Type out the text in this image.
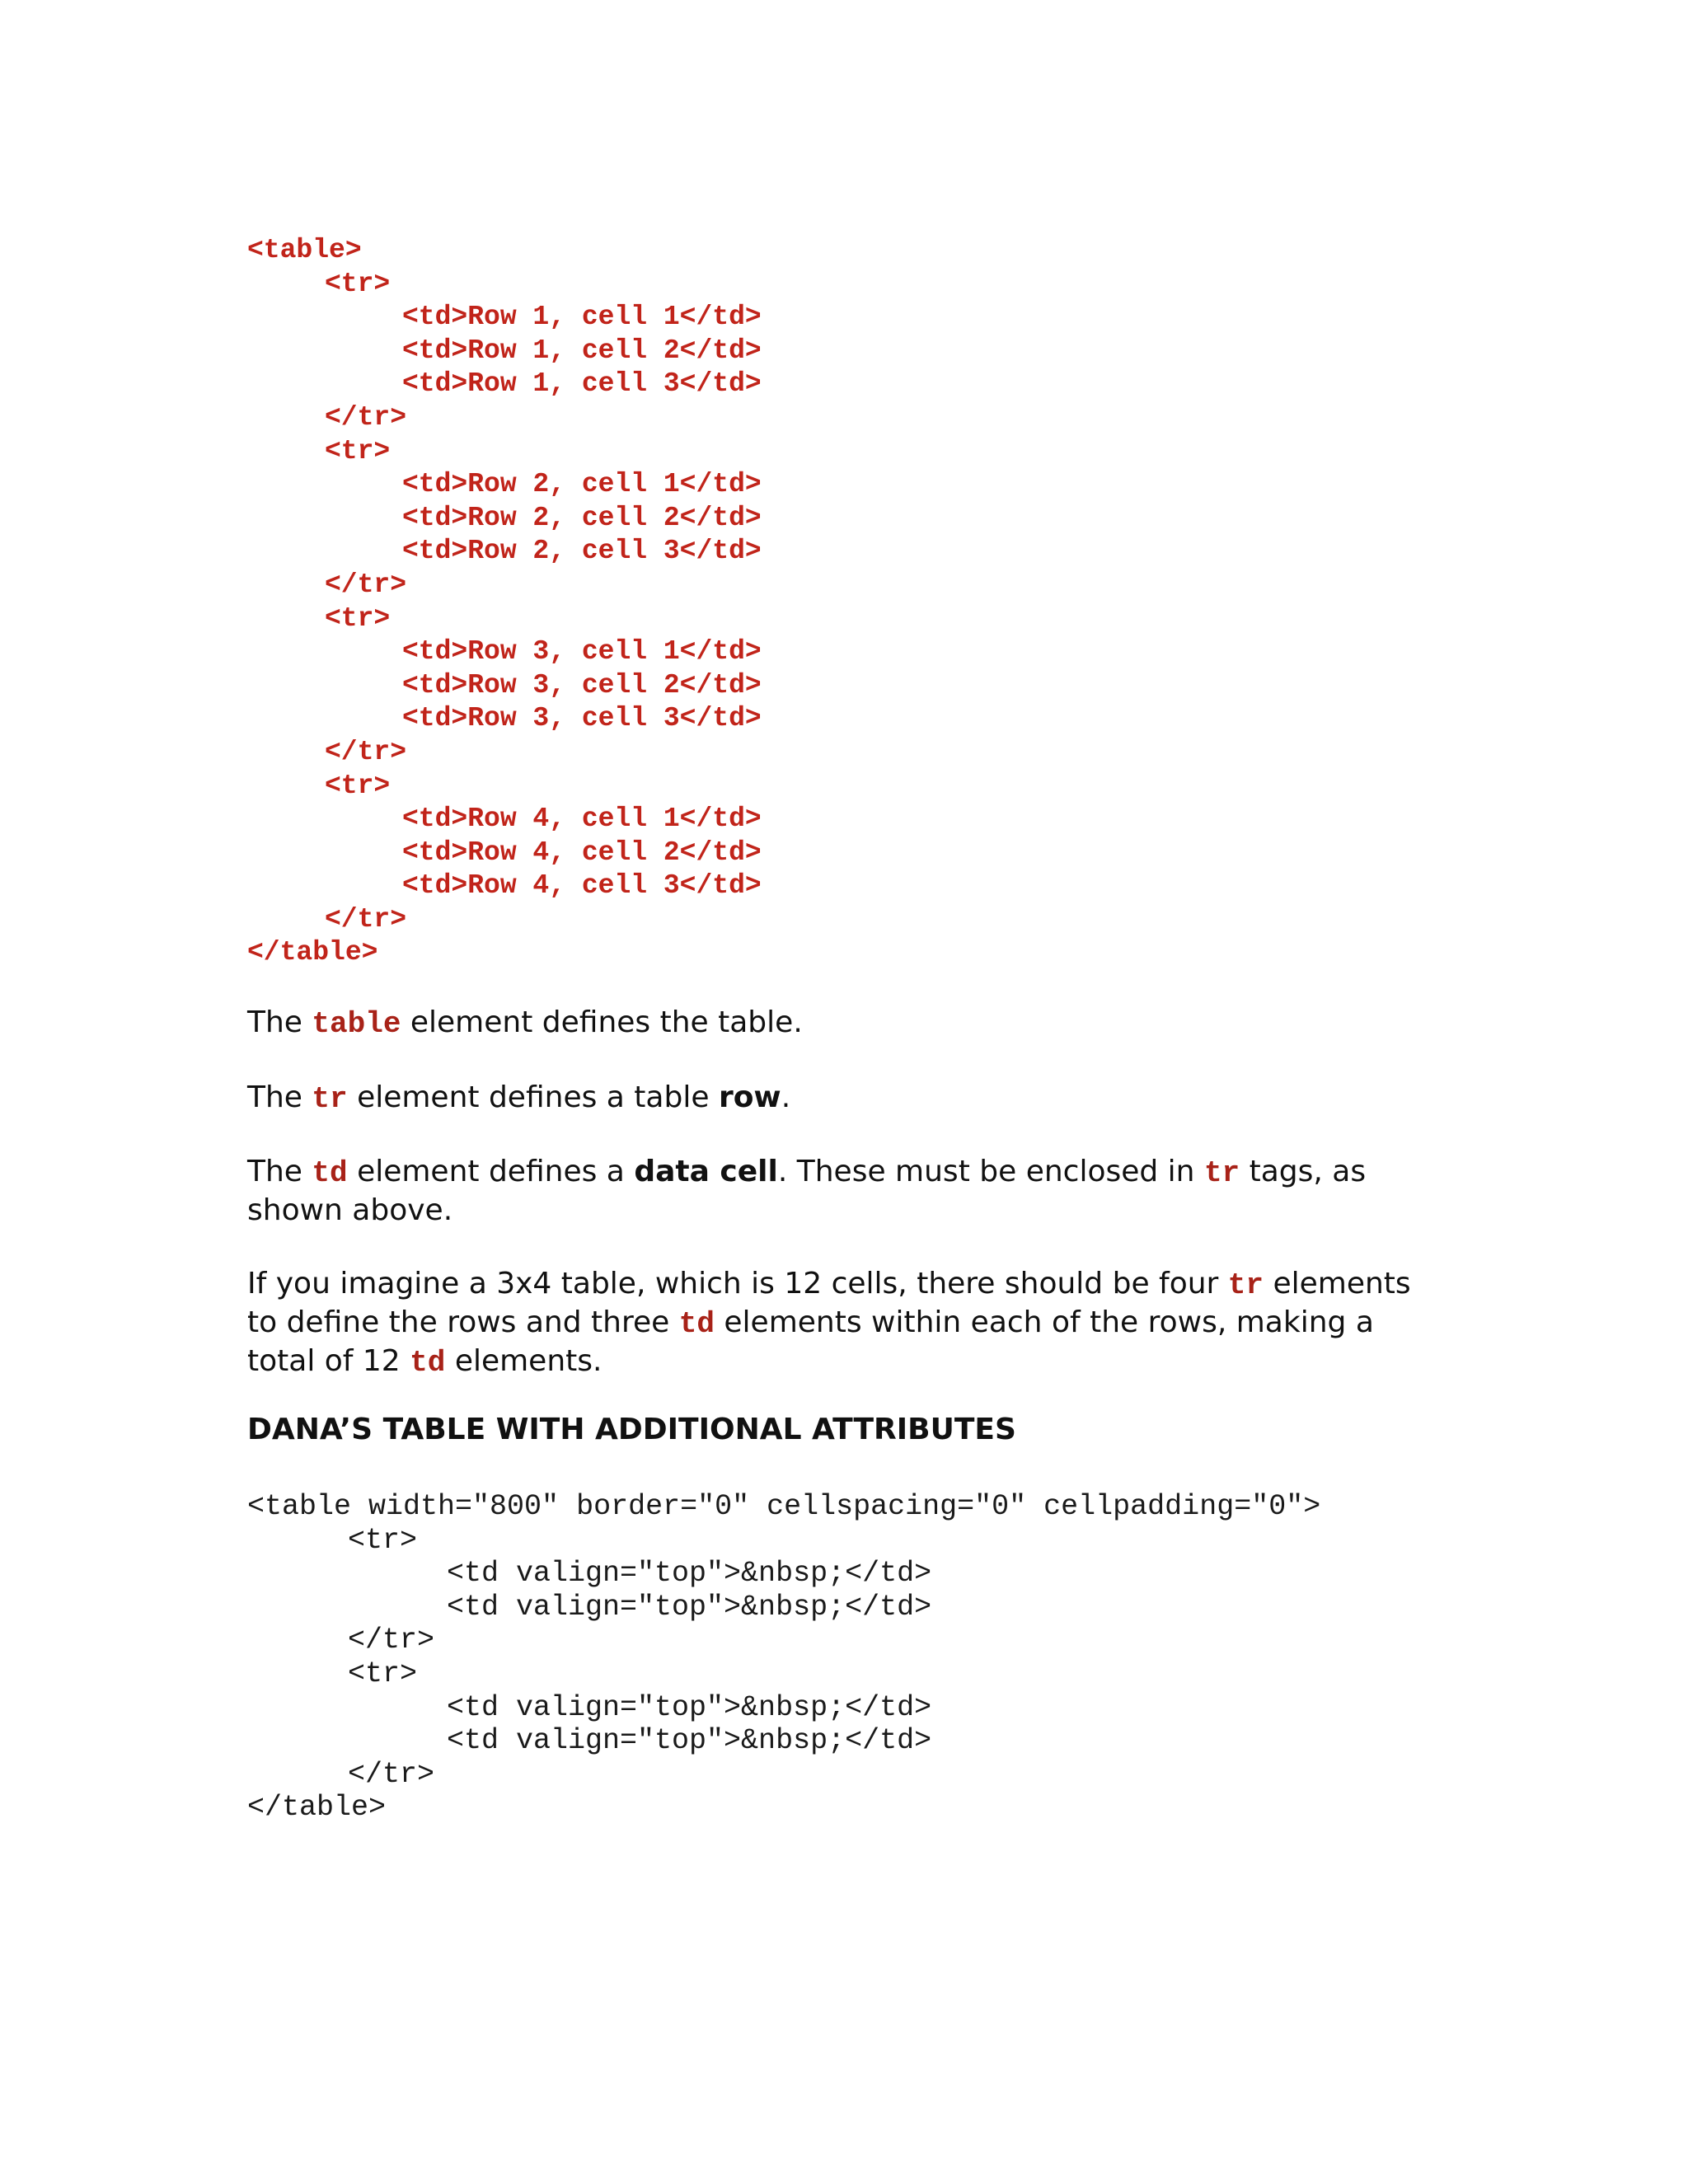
<table>
<tr>
<td>Row 1, cell 1</td>
<td>Row 1, cell 2</td>
<td>Row 1, cell 3</td>
</tr>
<tr>
<td>Row 2, cell 1</td>
<td>Row 2, cell 2</td>
<td>Row 2, cell 3</td>
</tr>
<tr>
<td>Row 3, cell 1</td>
<td>Row 3, cell 2</td>
<td>Row 3, cell 3</td>
</tr>
<tr>
<td>Row 4, cell 1</td>
<td>Row 4, cell 2</td>
<td>Row 4, cell 3</td>
</tr>
</table>

The table element defines the table.

The tr element defines a table row.

The td element defines a data cell. These must be enclosed in tr tags, as shown above.

If you imagine a 3x4 table, which is 12 cells, there should be four tr elements to define the rows and three td elements within each of the rows, making a total of 12 td elements.

DANA’S TABLE WITH ADDITIONAL ATTRIBUTES
<table width="800" border="0" cellspacing="0" cellpadding="0">
<tr>
<td valign="top">&nbsp;</td>
<td valign="top">&nbsp;</td>
</tr>
<tr>
<td valign="top">&nbsp;</td>
<td valign="top">&nbsp;</td>
</tr>
</table>
